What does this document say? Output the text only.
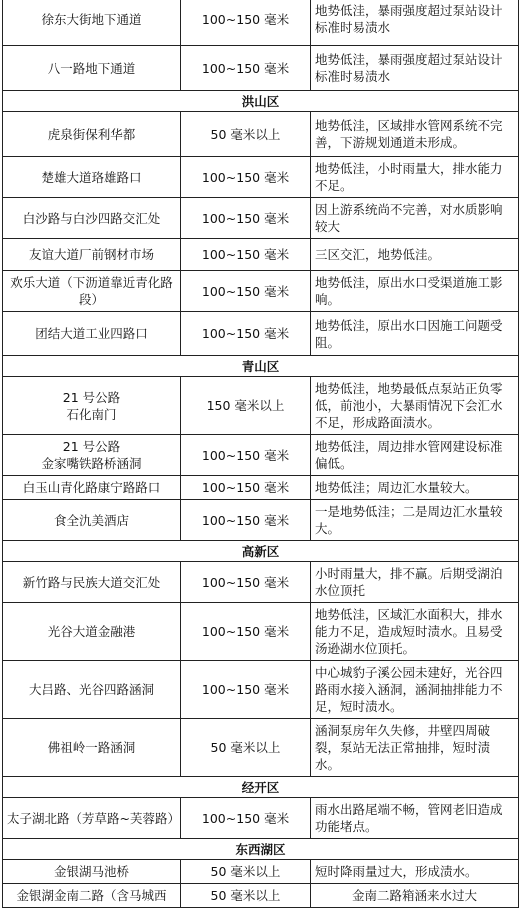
徐东大街地下通道	100~150 毫米	地势低洼，暴雨强度超过泵站设计标准时易渍水

八一路地下通道	100~150 毫米	地势低洼，暴雨强度超过泵站设计标准时易渍水
洪山区		

虎泉街保利华都	50 毫米以上	地势低洼，区域排水管网系统不完善，下游规划通道未形成。

楚雄大道珞雄路口	100~150 毫米	地势低洼，小时雨量大，排水能力不足。

白沙路与白沙四路交汇处	100~150 毫米	因上游系统尚不完善，对水质影响较大

友谊大道厂前钢材市场	100~150 毫米	三区交汇，地势低洼。

欢乐大道（下沥道靠近青化路段）	100~150 毫米	地势低洼，原出水口受渠道施工影响。

团结大道工业四路口	100~150 毫米	地势低洼，原出水口因施工问题受阻。
青山区		

21 号公路
石化南门	150 毫米以上	地势低洼，地势最低点泵站正负零低，前池小，大暴雨情况下会汇水不足，形成路面渍水。

21 号公路
金家嘴铁路桥涵洞	100~150 毫米	地势低洼，周边排水管网建设标准偏低。

白玉山青化路康宁路路口	100~150 毫米	地势低洼；周边汇水量较大。

食全氿美酒店	100~150 毫米	一是地势低洼；二是周边汇水量较大。
高新区		

新竹路与民族大道交汇处	100~150 毫米	小时雨量大，排不赢。后期受湖泊水位顶托

光谷大道金融港	100~150 毫米	地势低洼，区域汇水面积大，排水能力不足，造成短时渍水。且易受汤逊湖水位顶托。

大吕路、光谷四路涵洞	100~150 毫米	中心城豹子溪公园未建好，光谷四路雨水接入涵洞，涵洞抽排能力不足，短时渍水。

佛祖岭一路涵洞	50 毫米以上	涵洞泵房年久失修，井壁四周破裂，泵站无法正常抽排，短时渍水。
经开区		

太子湖北路（芳草路~芙蓉路）	100~150 毫米	雨水出路尾端不畅，管网老旧造成功能堵点。
东西湖区		

金银湖马池桥	50 毫米以上	短时降雨量过大，形成渍水。

金银湖金南二路（含马城西	50 毫米以上	金南二路箱涵来水过大
